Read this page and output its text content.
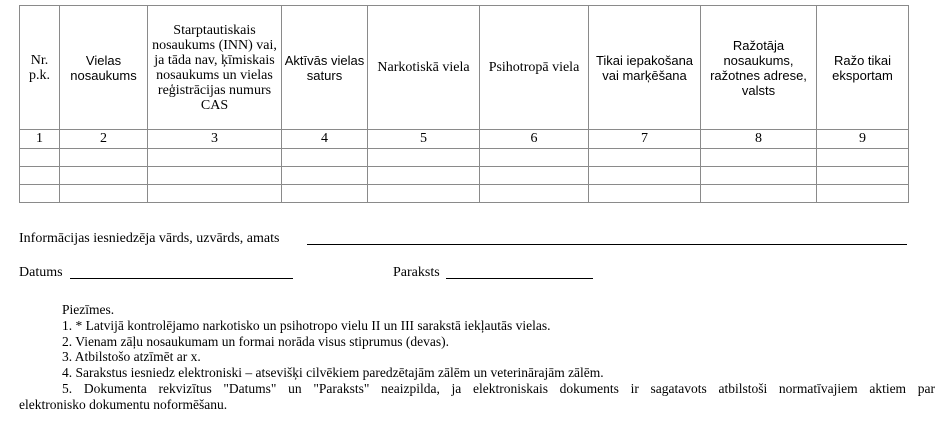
Nr. p.k.	Vielas nosaukums	Starptautiskais nosaukums (INN) vai, ja tāda nav, ķīmiskais nosaukums un vielas reģistrācijas numurs CAS	Aktīvās vielas saturs	Narkotiskā viela	Psihotropā viela	Tikai iepakošana vai marķēšana	Ražotāja nosaukums, ražotnes adrese, valsts	Ražo tikai eksportam
1	2	3	4	5	6	7	8	9

Informācijas iesniedzēja vārds, uzvārds, amats
Datums	Paraksts
Piezīmes.
1. * Latvijā kontrolējamo narkotisko un psihotropo vielu II un III sarakstā iekļautās vielas.
2. Vienam zāļu nosaukumam un formai norāda visus stiprumus (devas).
3. Atbilstošo atzīmēt ar x.
4. Sarakstus iesniedz elektroniski – atsevišķi cilvēkiem paredzētajām zālēm un veterinārajām zālēm.
5. Dokumenta rekvizītus "Datums" un "Paraksts" neaizpilda, ja elektroniskais dokuments ir sagatavots atbilstoši normatīvajiem aktiem par
elektronisko dokumentu noformēšanu.
